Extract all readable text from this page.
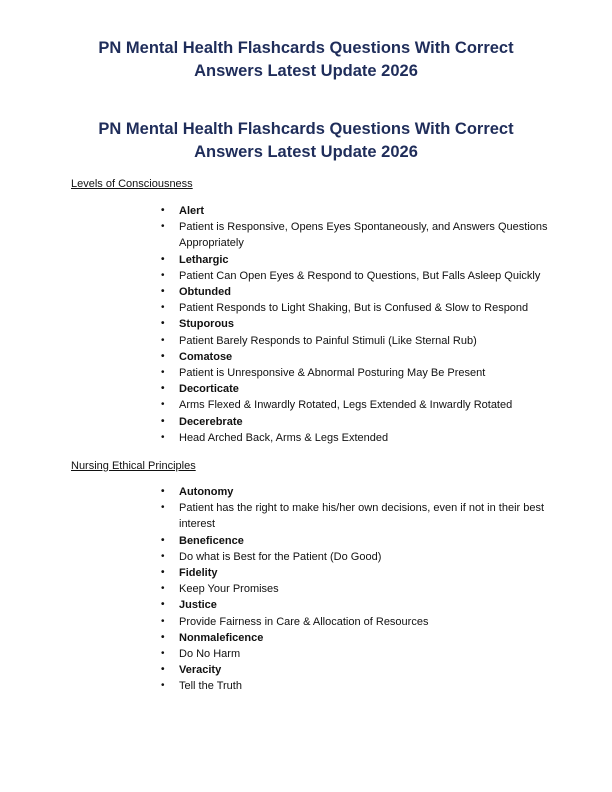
PN Mental Health Flashcards Questions With Correct
Answers Latest Update 2026
PN Mental Health Flashcards Questions With Correct
Answers Latest Update 2026

Levels of Consciousness

• Alert
• Patient is Responsive, Opens Eyes Spontaneously, and Answers Questions Appropriately
• Lethargic
• Patient Can Open Eyes & Respond to Questions, But Falls Asleep Quickly
• Obtunded
• Patient Responds to Light Shaking, But is Confused & Slow to Respond
• Stuporous
• Patient Barely Responds to Painful Stimuli (Like Sternal Rub)
• Comatose
• Patient is Unresponsive & Abnormal Posturing May Be Present
• Decorticate
• Arms Flexed & Inwardly Rotated, Legs Extended & Inwardly Rotated
• Decerebrate
• Head Arched Back, Arms & Legs Extended

Nursing Ethical Principles

• Autonomy
• Patient has the right to make his/her own decisions, even if not in their best interest
• Beneficence
• Do what is Best for the Patient (Do Good)
• Fidelity
• Keep Your Promises
• Justice
• Provide Fairness in Care & Allocation of Resources
• Nonmaleficence
• Do No Harm
• Veracity
• Tell the Truth
